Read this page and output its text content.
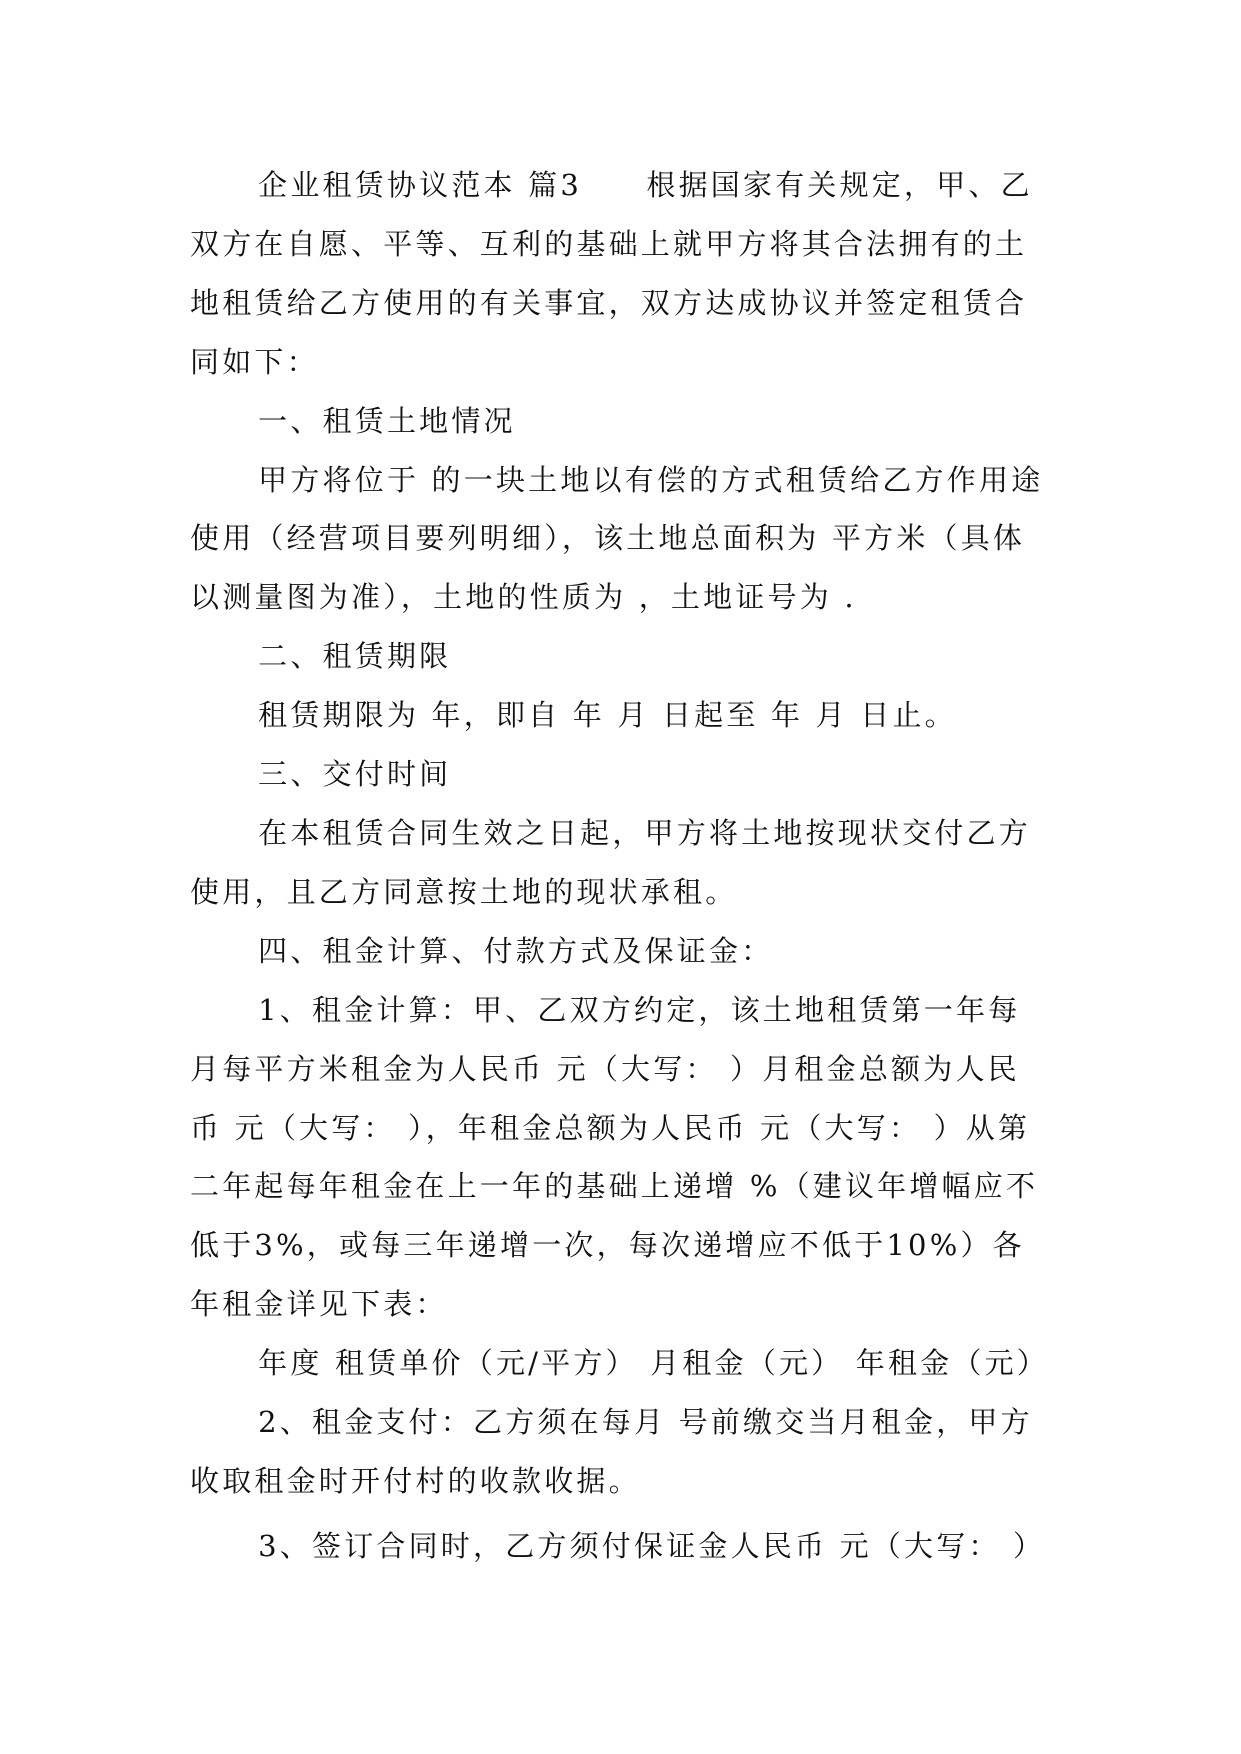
企业租赁协议范本 篇3　　根据国家有关规定，甲、乙双方在自愿、平等、互利的基础上就甲方将其合法拥有的土地租赁给乙方使用的有关事宜，双方达成协议并签定租赁合同如下：

一、租赁土地情况

甲方将位于 的一块土地以有偿的方式租赁给乙方作用途使用（经营项目要列明细），该土地总面积为 平方米（具体以测量图为准），土地的性质为 ，土地证号为 .

二、租赁期限

租赁期限为 年，即自 年 月 日起至 年 月 日止。

三、交付时间

在本租赁合同生效之日起，甲方将土地按现状交付乙方使用，且乙方同意按土地的现状承租。

四、租金计算、付款方式及保证金：

1、租金计算：甲、乙双方约定，该土地租赁第一年每月每平方米租金为人民币 元（大写： ）月租金总额为人民币 元（大写： ），年租金总额为人民币 元（大写： ）从第二年起每年租金在上一年的基础上递增 %（建议年增幅应不低于3%，或每三年递增一次，每次递增应不低于10%）各年租金详见下表：

年度 租赁单价（元/平方） 月租金（元） 年租金（元）

2、租金支付：乙方须在每月 号前缴交当月租金，甲方收取租金时开付村的收款收据。

3、签订合同时，乙方须付保证金人民币 元（大写： ）
